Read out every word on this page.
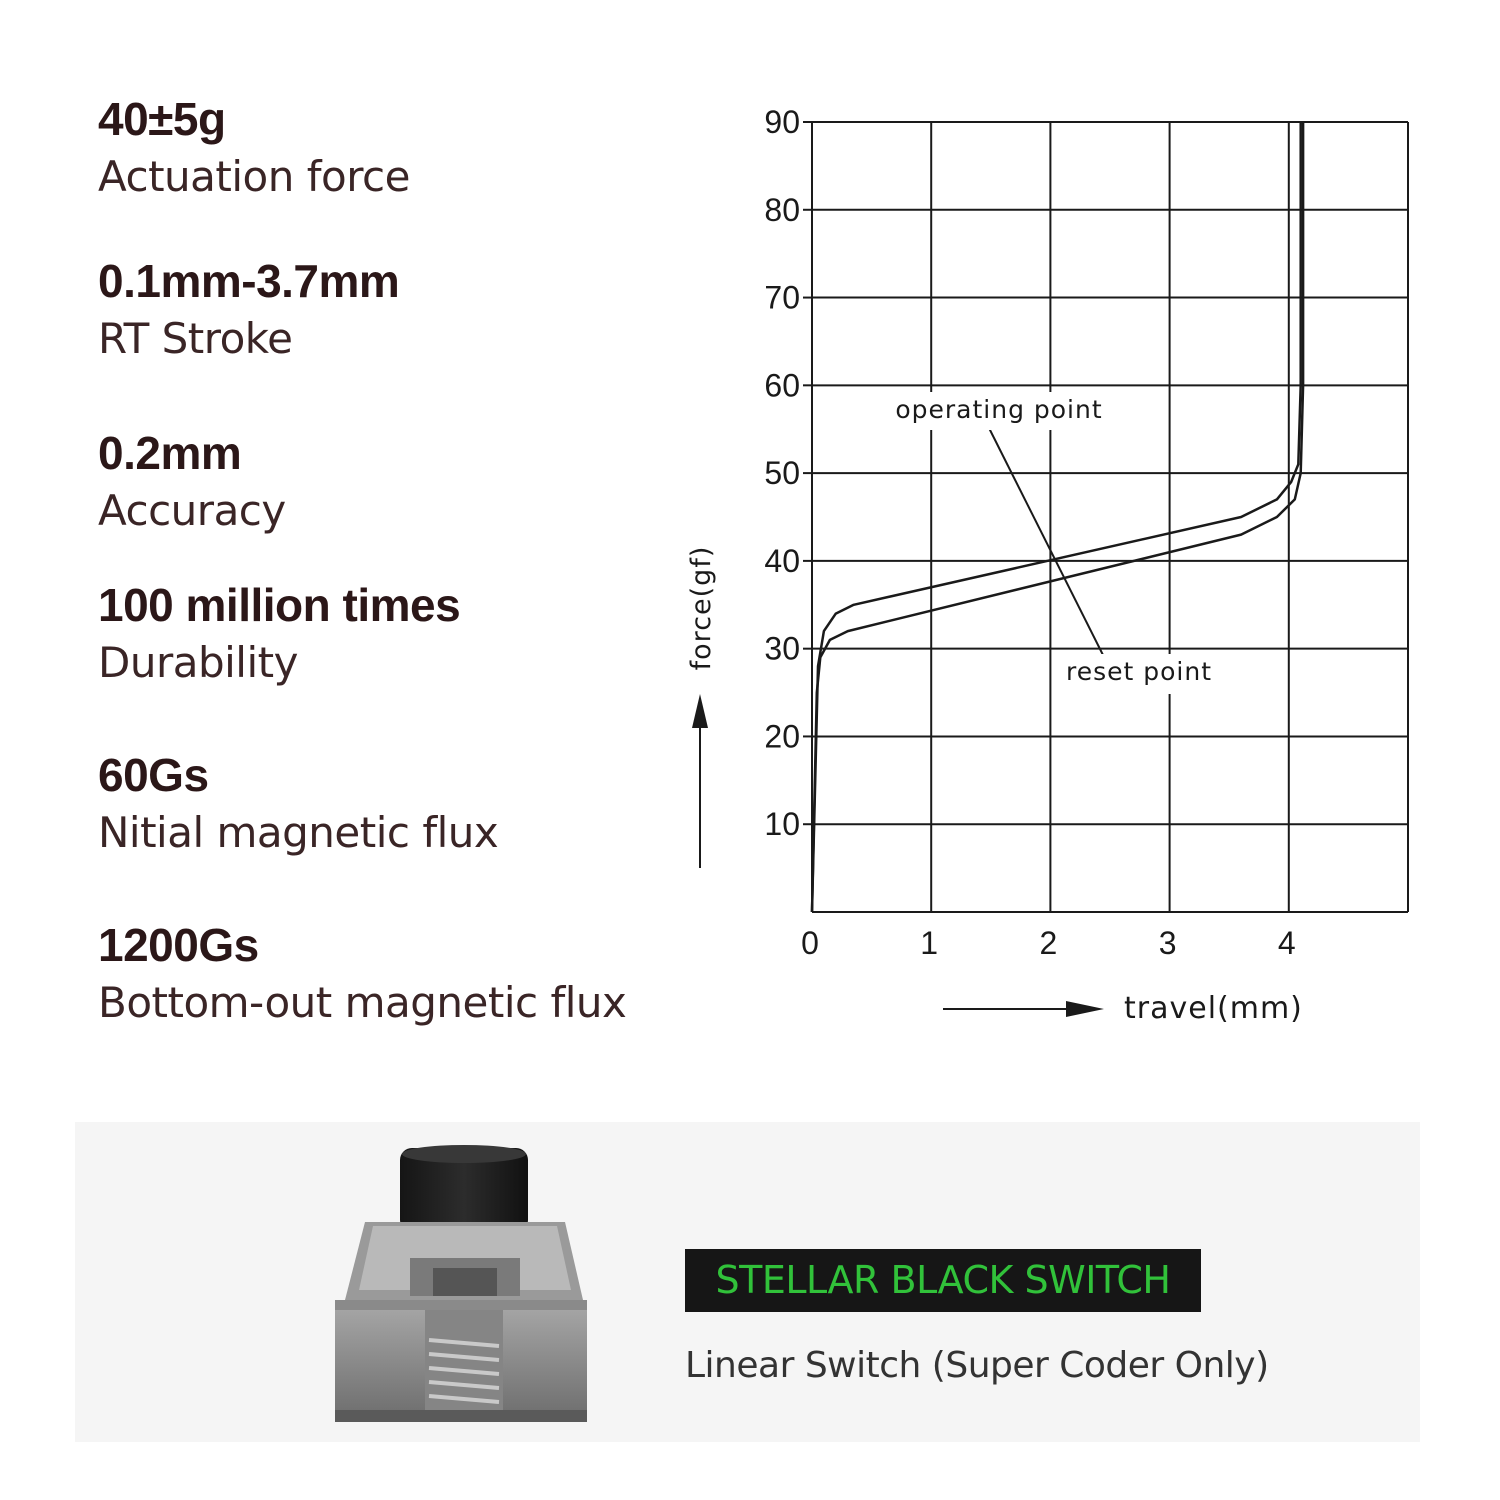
40±5g
Actuation force
0.1mm-3.7mm
RT Stroke
0.2mm
Accuracy
100 million times
Durability
60Gs
Nitial magnetic flux
1200Gs
Bottom-out magnetic flux
10
20
30
40
50
60
70
80
90
0	1	2	3	4
operating point
reset point
force(gf)
travel(mm)
STELLAR BLACK SWITCH
Linear Switch (Super Coder Only)
